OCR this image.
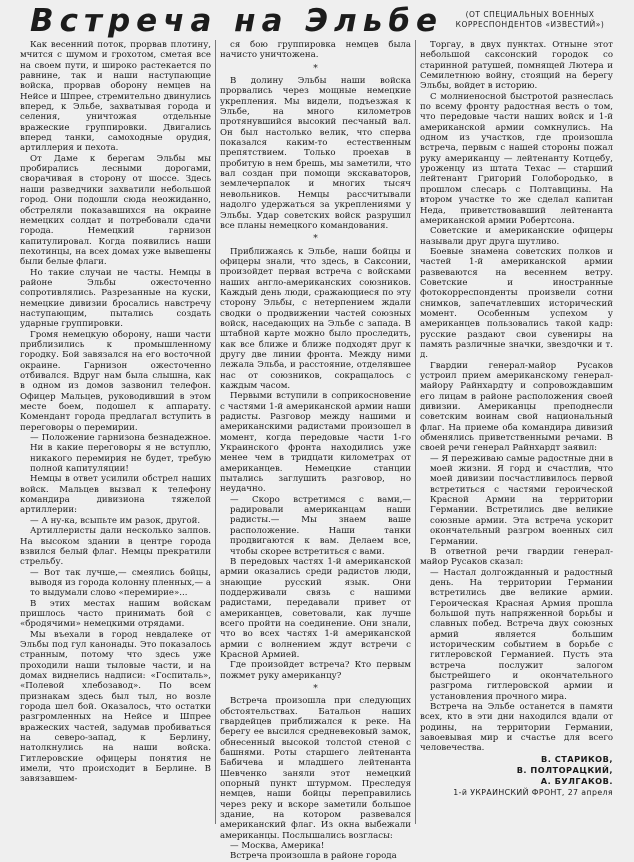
Встреча на Эльбе	(ОТ СПЕЦИАЛЬНЫХ ВОЕННЫХ КОРРЕСПОНДЕНТОВ «ИЗВЕСТИЙ»)

Как весенний поток, прорвав плотину, мчится с шумом и грохотом, сметая все на своем пути, и широко растекается по равнине, так и наши наступающие войска, прорвав оборону немцев на Нейсе и Шпрее, стремительно двинулись вперед, к Эльбе, захватывая города и селения, уничтожая отдельные вражеские группировки. Двигались вперед танки, самоходные орудия, артиллерия и пехота.

От Даме к берегам Эльбы мы пробирались лесными дорогами, сворачивая в сторону от шоссе. Здесь наши разведчики захватили небольшой город. Они подошли сюда неожиданно, обстреляли показавшихся на окраине немецких солдат и потребовали сдачи города. Немецкий гарнизон капитулировал. Когда появились наши пехотинцы, на всех домах уже вывешены были белые флаги.

Но такие случаи не часты. Немцы в районе Эльбы ожесточенно сопротивлялись. Разрезанные на куски, немецкие дивизии бросались навстречу наступающим, пытались создать ударные группировки.

Громя немецкую оборону, наши части приблизились к промышленному городку. Бой завязался на его восточной окраине. Гарнизон ожесточенно отбивался. Вдруг нам была слышна, как в одном из домов зазвонил телефон. Офицер Мальцев, руководивший в этом месте боем, подошел к аппарату. Комендант города предлагал вступить в переговоры о перемирии.

— Положение гарнизона безнадежное. Ни в какие переговоры я не вступлю, никакого перемирия не будет, требую полной капитуляции!

Немцы в ответ усилили обстрел наших войск. Мальцев вызвал к телефону командира дивизиона тяжелой артиллерии:

— А ну-ка, всыпьте им разок, другой.

Артиллеристы дали несколько залпов. На высоком здании в центре города взвился белый флаг. Немцы прекратили стрельбу.

— Вот так лучше,— смеялись бойцы, выводя из города колонну пленных,— а то выдумали слово «перемирие»...

В этих местах нашим войскам пришлось часто принимать бой с «бродячими» немецкими отрядами.

Мы въехали в город невдалеке от Эльбы под гул канонады. Это показалось странным, потому что здесь уже проходили наши тыловые части, и на домах виднелись надписи: «Госпиталь», «Полевой хлебозавод». По всем признакам здесь был тыл, но возле города шел бой. Оказалось, что остатки разгромленных на Нейсе и Шпрее вражеских частей, задумав пробиваться на северо-запад, к Берлину, натолкнулись на наши войска. Гитлеровские офицеры понятия не имели, что происходит в Берлине. В завязавшем-

ся бою группировка немцев была начисто уничтожена.

*

В долину Эльбы наши войска прорвались через мощные немецкие укрепления. Мы видели, подъезжая к Эльбе, на много километров протянувшийся высокий песчаный вал. Он был настолько велик, что сперва показался каким-то естественным препятствием. Только проехав в пробитую в нем брешь, мы заметили, что вал создан при помощи экскаваторов, землечерпалок и многих тысяч невольников. Немцы рассчитывали надолго удержаться за укреплениями у Эльбы. Удар советских войск разрушил все планы немецкого командования.

*

Приближаясь к Эльбе, наши бойцы и офицеры знали, что здесь, в Саксонии, произойдет первая встреча с войсками наших англо-американских союзников. Каждый день люди, сражающиеся по эту сторону Эльбы, с нетерпением ждали сводки о продвижении частей союзных войск, наседающих на Эльбе с запада. В штабной карте можно было проследить, как все ближе и ближе подходят друг к другу две линии фронта. Между ними лежала Эльба, и расстояние, отделявшее нас от союзников, сокращалось с каждым часом.

Первыми вступили в соприкосновение с частями 1-й американской армии наши радисты. Разговор между нашими и американскими радистами произошел в момент, когда передовые части 1-го Украинского фронта находились уже менее чем в тридцати километрах от американцев. Немецкие станции пытались заглушить разговор, но неудачно.

— Скоро встретимся с вами,— радировали американцам наши радисты.— Мы знаем ваше расположение. Наши танки продвигаются к вам. Делаем все, чтобы скорее встретиться с вами.

В передовых частях 1-й американской армии оказались среди радистов люди, знающие русский язык. Они поддерживали связь с нашими радистами, передавали привет от американцев, советовали, как лучше всего пройти на соединение. Они знали, что во всех частях 1-й американской армии с волнением ждут встречи с Красной Армией.

Где произойдет встреча? Кто первым пожмет руку американцу?

*

Встреча произошла при следующих обстоятельствах. Батальон наших гвардейцев приближался к реке. На берегу ее высился средневековый замок, обнесенный высокой толстой стеной с башнями. Роты старшего лейтенанта Бабичева и младшего лейтенанта Шевченко заняли этот немецкий опорный пункт штурмом. Преследуя немцев, наши бойцы переправились через реку и вскоре заметили большое здание, на котором развевался американский флаг. Из окна выбежали американцы. Послышались возгласы:

— Москва, Америка!

Встреча произошла в районе города

Торгау, в двух пунктах. Отныне этот небольшой саксонский городок со старинной ратушей, помнящей Лютера и Семилетнюю войну, стоящий на берегу Эльбы, войдет в историю.

С молниеносной быстротой разнеслась по всему фронту радостная весть о том, что передовые части наших войск и 1-й американской армии сомкнулись. На одном из участков, где произошла встреча, первым с нашей стороны пожал руку американцу — лейтенанту Котцебу, уроженцу из штата Техас — старший лейтенант Григорий Голобородько, в прошлом слесарь с Полтавщины. На втором участке то же сделал капитан Неда, приветствовавший лейтенанта американской армии Робертсона.

Советские и американские офицеры называли друг друга шутливо.

Боевые знамена советских полков и частей 1-й американской армии развеваются на весеннем ветру. Советские и иностранные фотокорреспонденты произвели сотни снимков, запечатлевших исторический момент. Особенным успехом у американцев пользовались такой кадр: русские раздают свои сувениры на память различные значки, звездочки и т. д.

Гвардии генерал-майор Русаков устроил прием американскому генерал-майору Райнхардту и сопровождавшим его лицам в районе расположения своей дивизии. Американцы преподнесли советским воинам свой национальный флаг. На приеме оба командира дивизий обменялись приветственными речами. В своей речи генерал Райнхардт заявил:

— Я переживаю самые радостные дни в моей жизни. Я горд и счастлив, что моей дивизии посчастливилось первой встретиться с частями героической Красной Армии на территории Германии. Встретились две великие союзные армии. Эта встреча ускорит окончательный разгром военных сил Германии.

В ответной речи гвардии генерал-майор Русаков сказал:

— Настал долгожданный и радостный день. На территории Германии встретились две великие армии. Героическая Красная Армия прошла большой путь напряженной борьбы и славных побед. Встреча двух союзных армий является большим историческим событием в борьбе с гитлеровской Германией. Пусть эта встреча послужит залогом быстрейшего и окончательного разгрома гитлеровской армии и установления прочного мира.

Встреча на Эльбе останется в памяти всех, кто в эти дни находился вдали от родины, на территории Германии, завоевывая мир и счастье для всего человечества.

В. СТАРИКОВ,
В. ПОЛТОРАЦКИЙ,
А. БУЛГАКОВ.
1-й УКРАИНСКИЙ ФРОНТ, 27 апреля
